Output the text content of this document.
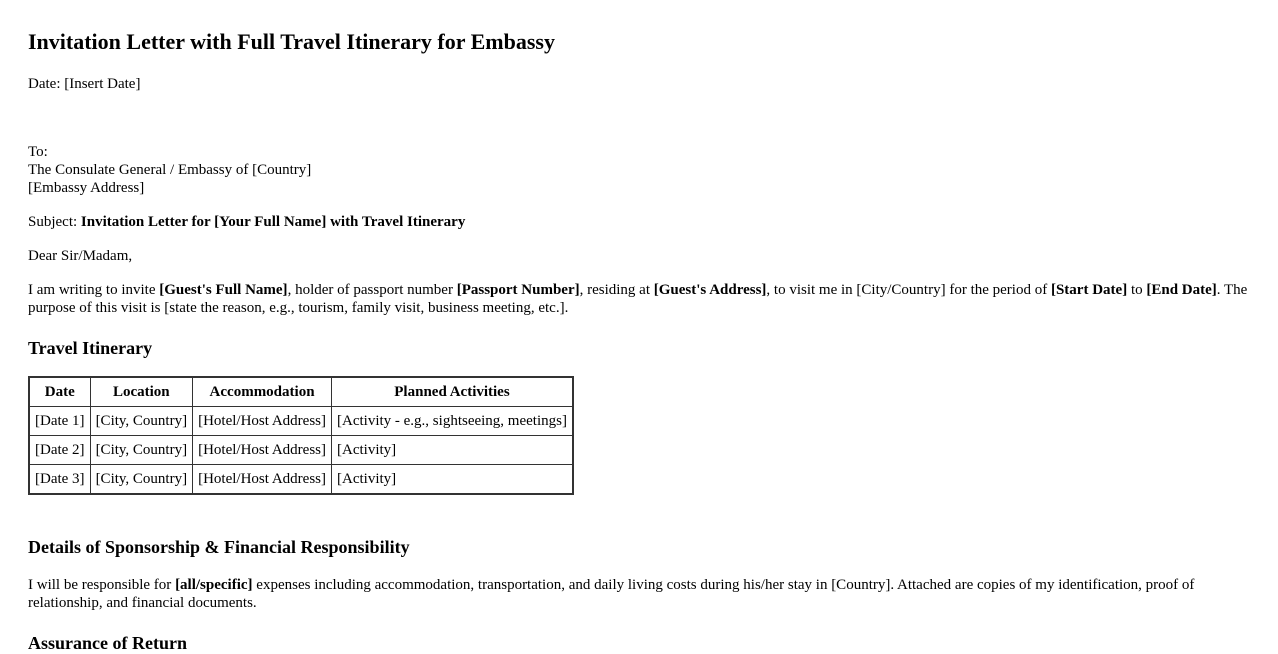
Invitation Letter with Full Travel Itinerary for Embassy
Date: [Insert Date]
To:
The Consulate General / Embassy of [Country]
[Embassy Address]
Subject: Invitation Letter for [Your Full Name] with Travel Itinerary
Dear Sir/Madam,
I am writing to invite [Guest's Full Name], holder of passport number [Passport Number], residing at [Guest's Address], to visit me in [City/Country] for the period of [Start Date] to [End Date]. The purpose of this visit is [state the reason, e.g., tourism, family visit, business meeting, etc.].
Travel Itinerary
Date	Location	Accommodation	Planned Activities
[Date 1]	[City, Country]	[Hotel/Host Address]	[Activity - e.g., sightseeing, meetings]
[Date 2]	[City, Country]	[Hotel/Host Address]	[Activity]
[Date 3]	[City, Country]	[Hotel/Host Address]	[Activity]
Details of Sponsorship & Financial Responsibility
I will be responsible for [all/specific] expenses including accommodation, transportation, and daily living costs during his/her stay in [Country]. Attached are copies of my identification, proof of relationship, and financial documents.
Assurance of Return
